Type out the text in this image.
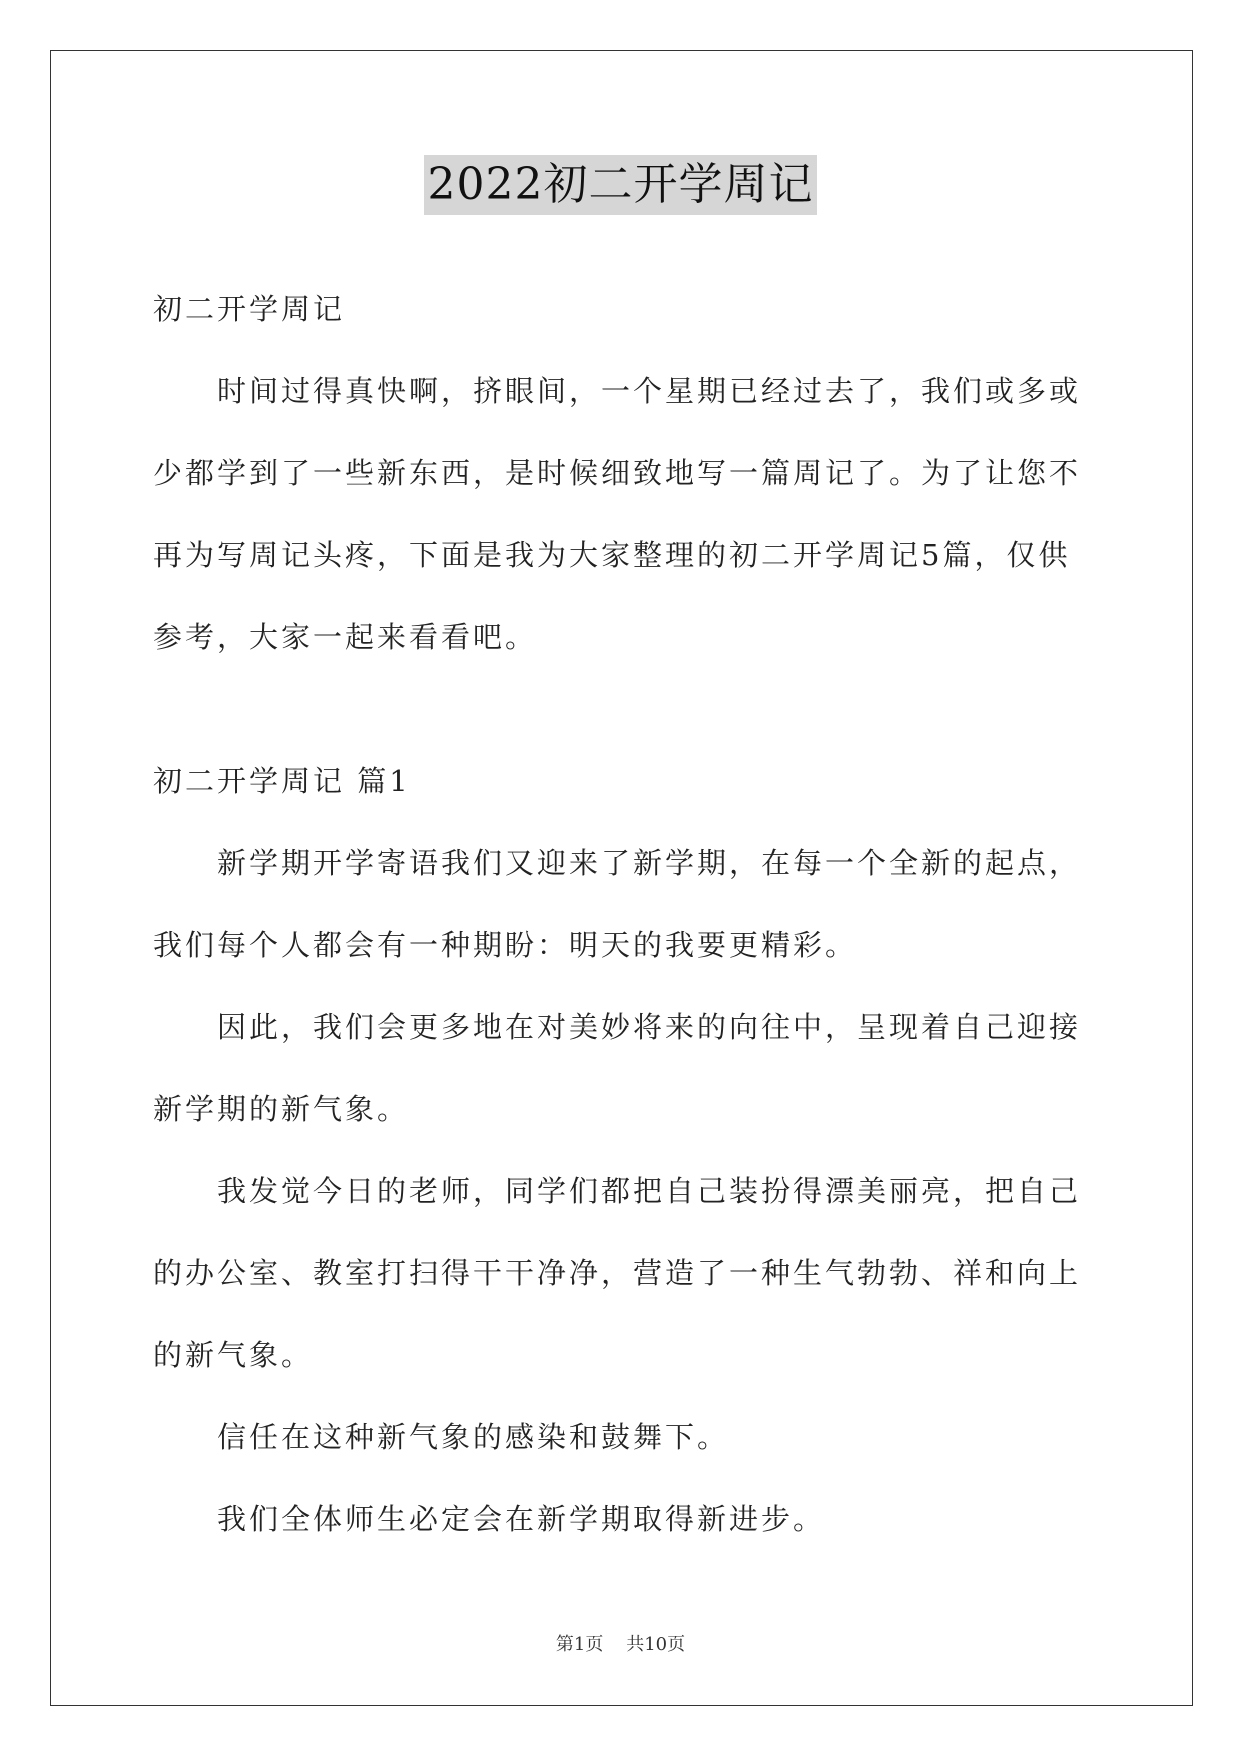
2022初二开学周记

初二开学周记

时间过得真快啊，挤眼间，一个星期已经过去了，我们或多或少都学到了一些新东西，是时候细致地写一篇周记了。为了让您不再为写周记头疼，下面是我为大家整理的初二开学周记5篇，仅供参考，大家一起来看看吧。

初二开学周记 篇1

新学期开学寄语我们又迎来了新学期，在每一个全新的起点，我们每个人都会有一种期盼：明天的我要更精彩。

因此，我们会更多地在对美妙将来的向往中，呈现着自己迎接新学期的新气象。

我发觉今日的老师，同学们都把自己装扮得漂美丽亮，把自己的办公室、教室打扫得干干净净，营造了一种生气勃勃、祥和向上的新气象。

信任在这种新气象的感染和鼓舞下。

我们全体师生必定会在新学期取得新进步。

第1页 共10页
